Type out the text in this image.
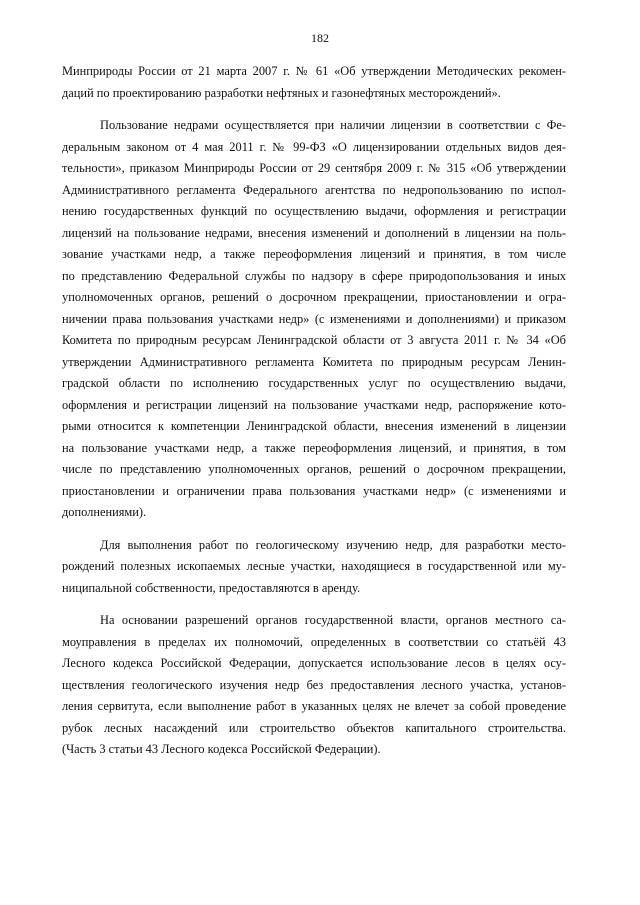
182
Минприроды России от 21 марта 2007 г. № 61 «Об утверждении Методических рекомен-
даций по проектированию разработки нефтяных и газонефтяных месторождений».
Пользование недрами осуществляется при наличии лицензии в соответствии с Фе-
деральным законом от 4 мая 2011 г. № 99-ФЗ «О лицензировании отдельных видов дея-
тельности», приказом Минприроды России от 29 сентября 2009 г. № 315 «Об утверждении
Административного регламента Федерального агентства по недропользованию по испол-
нению государственных функций по осуществлению выдачи, оформления и регистрации
лицензий на пользование недрами, внесения изменений и дополнений в лицензии на поль-
зование участками недр, а также переоформления лицензий и принятия, в том числе
по представлению Федеральной службы по надзору в сфере природопользования и иных
уполномоченных органов, решений о досрочном прекращении, приостановлении и огра-
ничении права пользования участками недр» (с изменениями и дополнениями) и приказом
Комитета по природным ресурсам Ленинградской области от 3 августа 2011 г. № 34 «Об
утверждении Административного регламента Комитета по природным ресурсам Ленин-
градской области по исполнению государственных услуг по осуществлению выдачи,
оформления и регистрации лицензий на пользование участками недр, распоряжение кото-
рыми относится к компетенции Ленинградской области, внесения изменений в лицензии
на пользование участками недр, а также переоформления лицензий, и принятия, в том
числе по представлению уполномоченных органов, решений о досрочном прекращении,
приостановлении и ограничении права пользования участками недр» (с изменениями и
дополнениями).
Для выполнения работ по геологическому изучению недр, для разработки место-
рождений полезных ископаемых лесные участки, находящиеся в государственной или му-
ниципальной собственности, предоставляются в аренду.
На основании разрешений органов государственной власти, органов местного са-
моуправления в пределах их полномочий, определенных в соответствии со статьёй 43
Лесного кодекса Российской Федерации, допускается использование лесов в целях осу-
ществления геологического изучения недр без предоставления лесного участка, установ-
ления сервитута, если выполнение работ в указанных целях не влечет за собой проведение
рубок лесных насаждений или строительство объектов капитального строительства.
(Часть 3 статьи 43 Лесного кодекса Российской Федерации).
